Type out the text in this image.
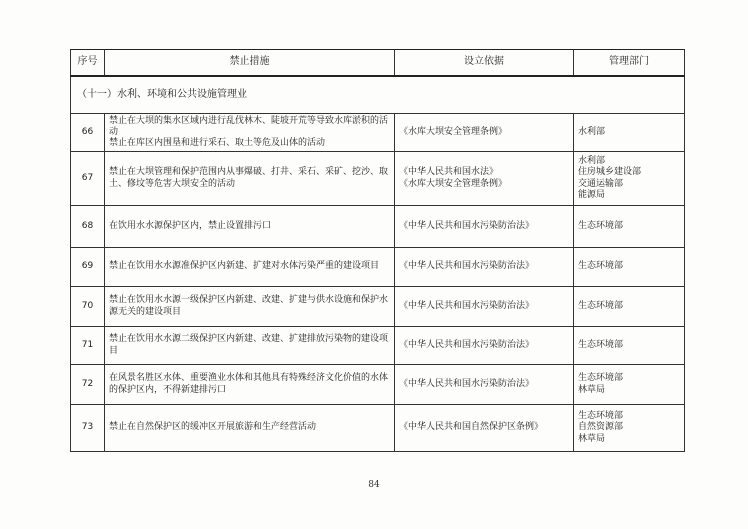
序号	禁止措施	设立依据	管理部门
（十一）水利、环境和公共设施管理业			
66	禁止在大坝的集水区域内进行乱伐林木、陡坡开荒等导致水库淤积的活动
禁止在库区内围垦和进行采石、取土等危及山体的活动	《水库大坝安全管理条例》	水利部

67	禁止在大坝管理和保护范围内从事爆破、打井、采石、采矿、挖沙、取
土、修坟等危害大坝安全的活动	《中华人民共和国水法》
《水库大坝安全管理条例》	水利部
住房城乡建设部
交通运输部
能源局

68	在饮用水水源保护区内，禁止设置排污口	《中华人民共和国水污染防治法》	生态环境部

69	禁止在饮用水水源准保护区内新建、扩建对水体污染严重的建设项目	《中华人民共和国水污染防治法》	生态环境部

70	禁止在饮用水水源一级保护区内新建、改建、扩建与供水设施和保护水
源无关的建设项目	《中华人民共和国水污染防治法》	生态环境部

71	禁止在饮用水水源二级保护区内新建、改建、扩建排放污染物的建设项目	《中华人民共和国水污染防治法》	生态环境部

72	在风景名胜区水体、重要渔业水体和其他具有特殊经济文化价值的水体
的保护区内，不得新建排污口	《中华人民共和国水污染防治法》	生态环境部
林草局

73	禁止在自然保护区的缓冲区开展旅游和生产经营活动	《中华人民共和国自然保护区条例》	生态环境部
自然资源部
林草局
84
